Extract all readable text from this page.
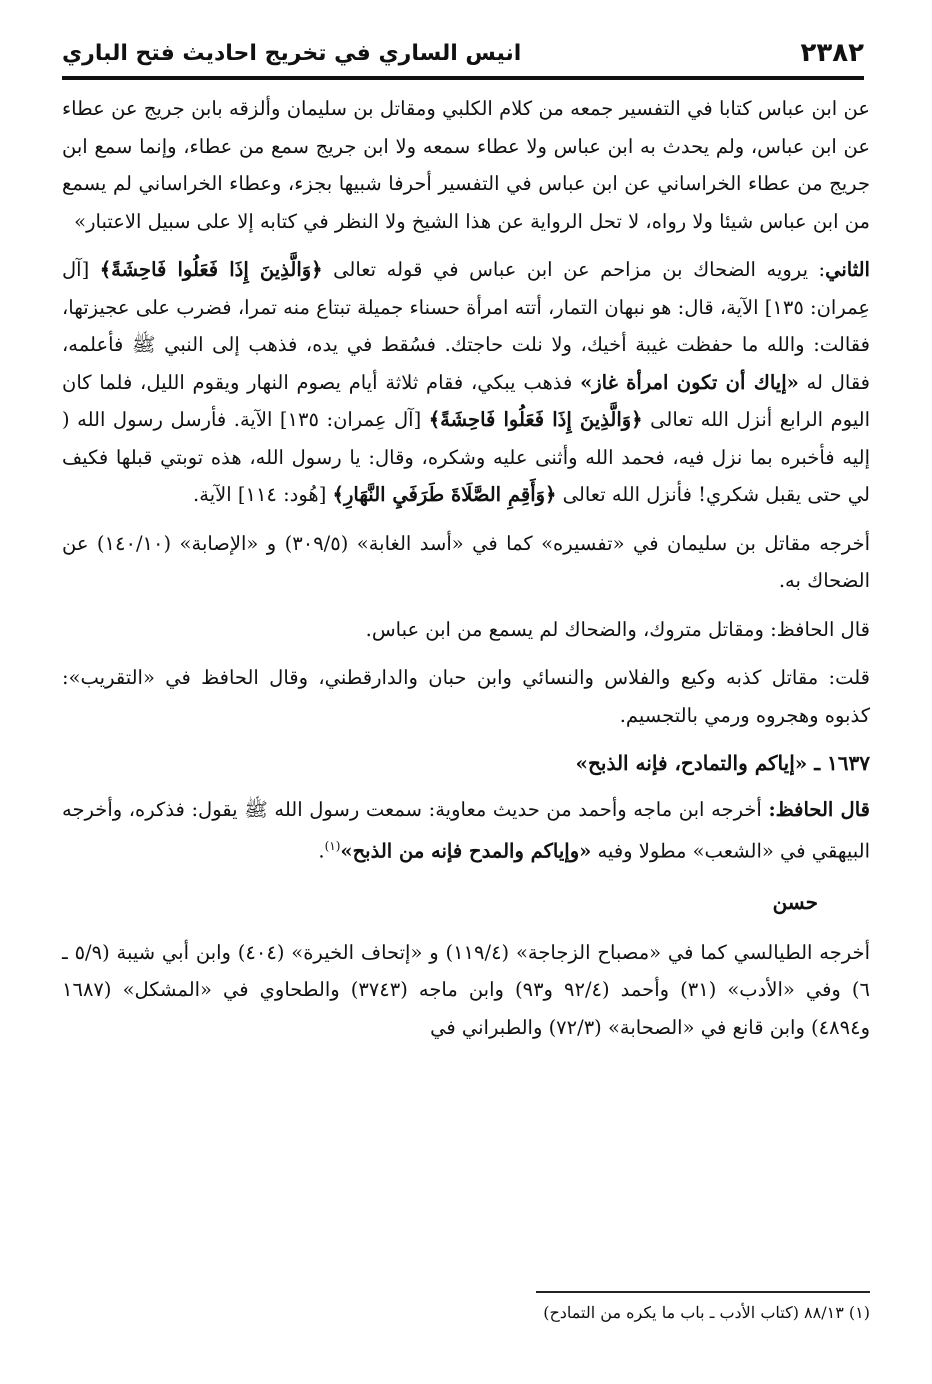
٢٣٨٢
انيس الساري في تخريج احاديث فتح الباري

عن ابن عباس كتابا في التفسير جمعه من كلام الكلبي ومقاتل بن سليمان وألزقه بابن جريج عن عطاء عن ابن عباس، ولم يحدث به ابن عباس ولا عطاء سمعه ولا ابن جريج سمع من عطاء، وإنما سمع ابن جريج من عطاء الخراساني عن ابن عباس في التفسير أحرفا شبيها بجزء، وعطاء الخراساني لم يسمع من ابن عباس شيئا ولا رواه، لا تحل الرواية عن هذا الشيخ ولا النظر في كتابه إلا على سبيل الاعتبار»

الثاني: يرويه الضحاك بن مزاحم عن ابن عباس في قوله تعالى ﴿وَالَّذِينَ إِذَا فَعَلُوا فَاحِشَةً﴾ [آل عِمران: ١٣٥] الآية، قال: هو نبهان التمار، أتته امرأة حسناء جميلة تبتاع منه تمرا، فضرب على عجيزتها، فقالت: والله ما حفظت غيبة أخيك، ولا نلت حاجتك. فسُقط في يده، فذهب إلى النبي ﷺ فأعلمه، فقال له «إياك أن تكون امرأة غاز» فذهب يبكي، فقام ثلاثة أيام يصوم النهار ويقوم الليل، فلما كان اليوم الرابع أنزل الله تعالى ﴿وَالَّذِينَ إِذَا فَعَلُوا فَاحِشَةً﴾ [آل عِمران: ١٣٥] الآية. فأرسل رسول الله ( إليه فأخبره بما نزل فيه، فحمد الله وأثنى عليه وشكره، وقال: يا رسول الله، هذه توبتي قبلها فكيف لي حتى يقبل شكري! فأنزل الله تعالى ﴿وَأَقِمِ الصَّلَاةَ طَرَفَيِ النَّهَارِ﴾ [هُود: ١١٤] الآية.

أخرجه مقاتل بن سليمان في «تفسيره» كما في «أسد الغابة» (٣٠٩/٥) و «الإصابة» (١٤٠/١٠) عن الضحاك به.

قال الحافظ: ومقاتل متروك، والضحاك لم يسمع من ابن عباس.

قلت: مقاتل كذبه وكيع والفلاس والنسائي وابن حبان والدارقطني، وقال الحافظ في «التقريب»: كذبوه وهجروه ورمي بالتجسيم.

١٦٣٧ ـ «إياكم والتمادح، فإنه الذبح»

قال الحافظ: أخرجه ابن ماجه وأحمد من حديث معاوية: سمعت رسول الله ﷺ يقول: فذكره، وأخرجه البيهقي في «الشعب» مطولا وفيه «وإياكم والمدح فإنه من الذبح»$^{(١)}$.

حسن

أخرجه الطيالسي كما في «مصباح الزجاجة» (١١٩/٤) و «إتحاف الخيرة» (٤٠٤) وابن أبي شيبة (٥/٩ ـ ٦) وفي «الأدب» (٣١) وأحمد (٩٢/٤ و٩٣) وابن ماجه (٣٧٤٣) والطحاوي في «المشكل» (١٦٨٧ و٤٨٩٤) وابن قانع في «الصحابة» (٧٢/٣) والطبراني في

(١) ٨٨/١٣ (كتاب الأدب ـ باب ما يكره من التمادح)
